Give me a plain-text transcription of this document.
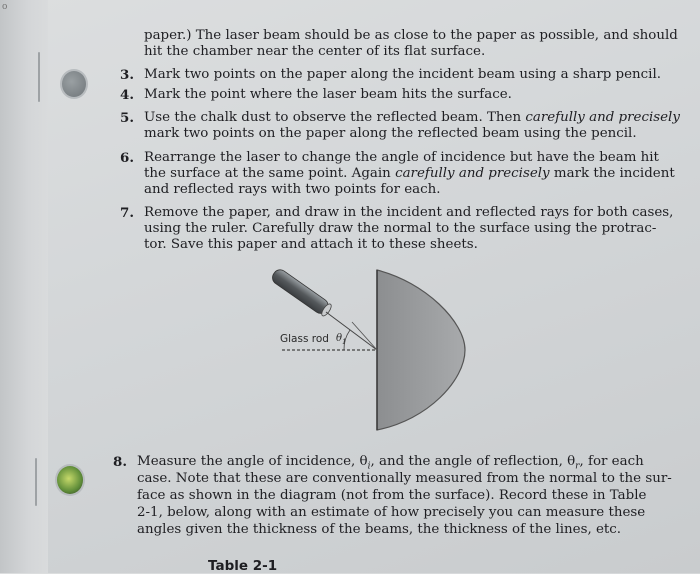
o
paper.) The laser beam should be as close to the paper as possible, and should
hit the chamber near the center of its flat surface.
3. Mark two points on the paper along the incident beam using a sharp pencil.
4. Mark the point where the laser beam hits the surface.
5. Use the chalk dust to observe the reflected beam. Then carefully and precisely
mark two points on the paper along the reflected beam using the pencil.
6. Rearrange the laser to change the angle of incidence but have the beam hit
the surface at the same point. Again carefully and precisely mark the incident
and reflected rays with two points for each.
7. Remove the paper, and draw in the incident and reflected rays for both cases,
using the ruler. Carefully draw the normal to the surface using the protrac-
tor. Save this paper and attach it to these sheets.
Glass rod $\theta_1$
8. Measure the angle of incidence, $\theta_i$, and the angle of reflection, $\theta_r$, for each
case. Note that these are conventionally measured from the normal to the sur-
face as shown in the diagram (not from the surface). Record these in Table
2-1, below, along with an estimate of how precisely you can measure these
angles given the thickness of the beams, the thickness of the lines, etc.
Table 2-1
